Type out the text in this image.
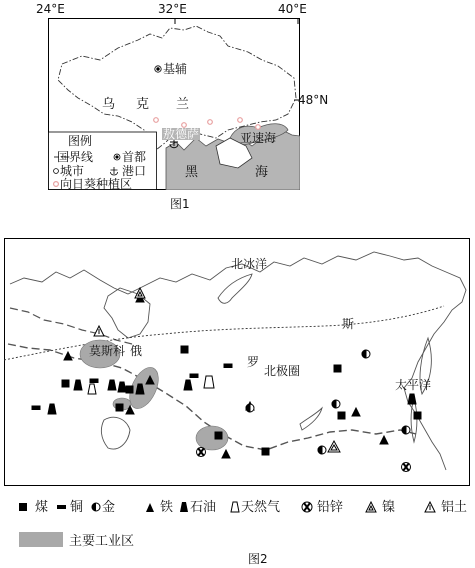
24°E	32°E	40°E
基辅
乌 克 兰	48°N
敖德萨	亚速海
黑	海
图例
国界线 首都
城市	港口
向日葵种植区
图1
北冰洋
斯
莫斯科 俄
罗
北极圈
太平洋
煤 铜 金	铁 石油 天然气	铅锌	镍	铝土
主要工业区
图2
